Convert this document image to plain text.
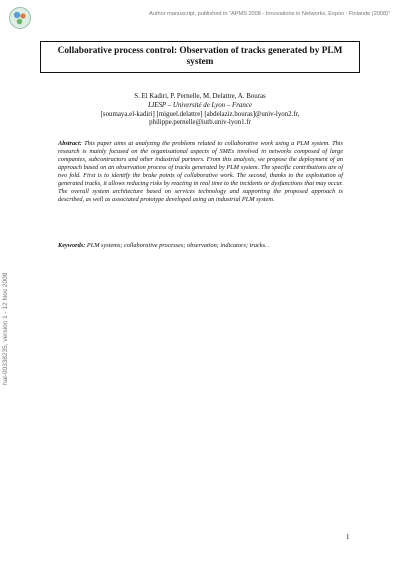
Author manuscript, published in "APMS 2008 - Innovations in Networks, Espoo : Finlande (2008)"
hal-00338235, version 1 - 12 Nov 2008
Collaborative process control: Observation of tracks generated by PLM system
S. El Kadiri, P. Pernelle, M. Delattre, A. Bouras
LIESP – Université de Lyon – France
[soumaya.el-kadiri] [miguel.delattre] [abdelaziz.bouras]@univ-lyon2.fr,
philippe.pernelle@iutb.univ-lyon1.fr
Abstract: This paper aims at analyzing the problems related to collaborative work using a PLM system. This research is mainly focused on the organisational aspects of SMEs involved in networks composed of large companies, subcontractors and other industrial partners. From this analysis, we propose the deployment of an approach based on an observation process of tracks generated by PLM system. The specific contributions are of two fold. First is to identify the brake points of collaborative work. The second, thanks to the exploitation of generated tracks, it allows reducing risks by reacting in real time to the incidents or dysfunctions that may occur. The overall system architecture based on services technology and supporting the proposed approach is described, as well as associated prototype developed using an industrial PLM system.
Keywords: PLM systems; collaborative processes; observation; indicators; tracks. .
1
